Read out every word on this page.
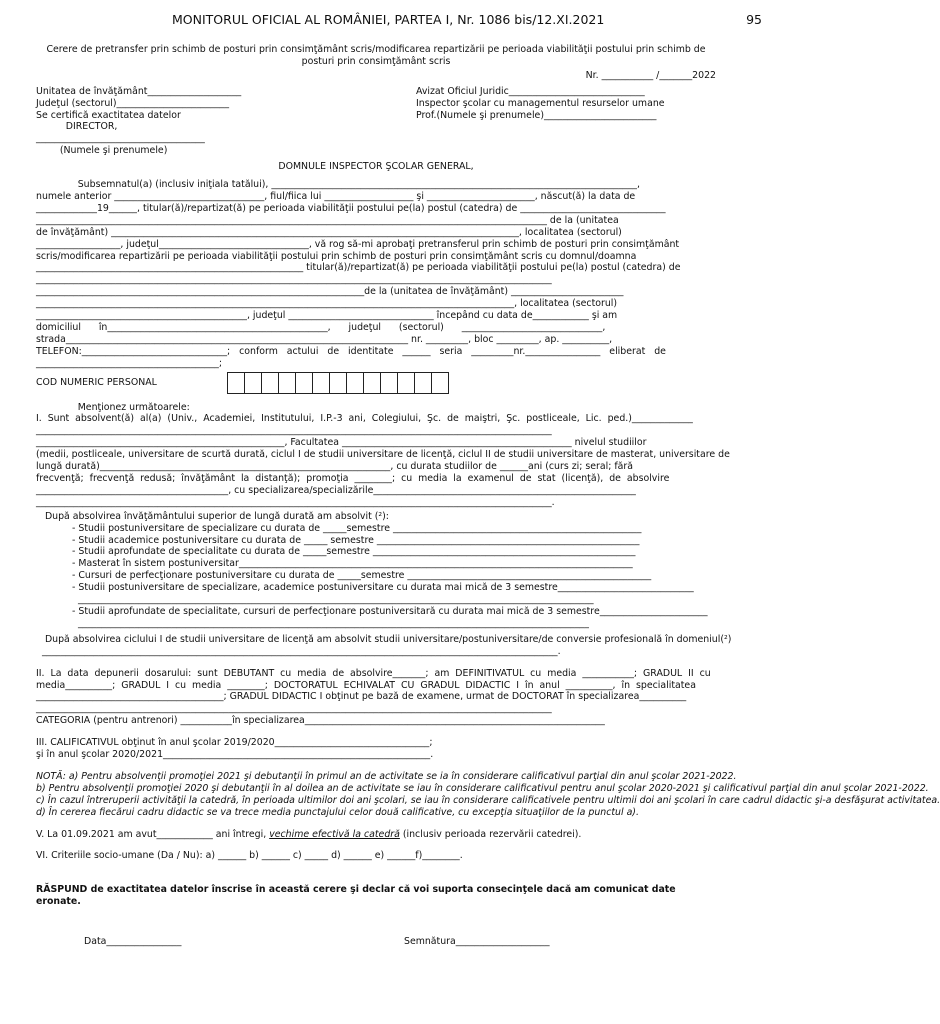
MONITORUL OFICIAL AL ROMÂNIEI, PARTEA I, Nr. 1086 bis/12.XI.2021	95
Cerere de pretransfer prin schimb de posturi prin consimţământ scris/modificarea repartizării pe perioada viabilităţii postului prin schimb de posturi prin consimţământ scris
Nr. ___________ /_______2022
Unitatea de învăţământ____________________
Judeţul (sectorul)________________________
Se certifică exactitatea datelor
DIRECTOR,
____________________________________
(Numele şi prenumele)
Avizat Oficiul Juridic_____________________________
Inspector şcolar cu managementul resurselor umane
Prof.(Numele şi prenumele)________________________
DOMNULE INSPECTOR ŞCOLAR GENERAL,
Subsemnatul(a) (inclusiv iniţiala tatălui), ______________________________________________________________________________,
numele anterior ________________________________, fiul/fiica lui ___________________ şi _______________________, născut(ă) la data de
_____________19______, titular(ă)/repartizat(ă) pe perioada viabilităţii postului pe(la) postul (catedra) de _______________________________
_____________________________________________________________________________________________________________ de la (unitatea
de învăţământ) _______________________________________________________________________________________, localitatea (sectorul)
__________________, judeţul________________________________, vă rog să-mi aprobaţi pretransferul prin schimb de posturi prin consimţământ
scris/modificarea repartizării pe perioada viabilităţii postului prin schimb de posturi prin consimţământ scris cu domnul/doamna
_________________________________________________________ titular(ă)/repartizat(ă) pe perioada viabilităţii postului pe(la) postul (catedra) de
______________________________________________________________________________________________________________
______________________________________________________________________de la (unitatea de învăţământ) ________________________
______________________________________________________________________________________________________, localitatea (sectorul)
_____________________________________________, judeţul _______________________________ începând cu data de____________ şi am
domiciliul      în_______________________________________________,      judeţul      (sectorul)      ______________________________,
strada_________________________________________________________________________ nr. _________, bloc _________, ap. __________,
TELEFON:_______________________________;   conform   actului   de   identitate   ______   seria   _________nr.________________   eliberat   de
_______________________________________;
COD NUMERIC PERSONAL
Menţionez următoarele:
I.  Sunt  absolvent(ă)  al(a)  (Univ.,  Academiei,  Institutului,  I.P.-3  ani,  Colegiului,  Şc.  de  maiştri,  Şc.  postliceale,  Lic.  ped.)_____________
______________________________________________________________________________________________________________
_____________________________________________________, Facultatea _________________________________________________ nivelul studiilor
(medii, postliceale, universitare de scurtă durată, ciclul I de studii universitare de licenţă, ciclul II de studii universitare de masterat, universitare de
lungă durată)______________________________________________________________, cu durata studiilor de ______ani (curs zi; seral; fără
frecvenţă;  frecvenţă  redusă;  învăţământ  la  distanţă);  promoţia  ________;  cu  media  la  examenul  de  stat  (licenţă),  de  absolvire
_________________________________________, cu specializarea/specializările________________________________________________________
______________________________________________________________________________________________________________.
După absolvirea învăţământului superior de lungă durată am absolvit (²):
- Studii postuniversitare de specializare cu durata de _____semestre _____________________________________________________
- Studii academice postuniversitare cu durata de _____ semestre ________________________________________________________
- Studii aprofundate de specialitate cu durata de _____semestre ________________________________________________________
- Masterat în sistem postuniversitar____________________________________________________________________________________
- Cursuri de perfecţionare postuniversitare cu durata de _____semestre ____________________________________________________
- Studii postuniversitare de specializare, academice postuniversitare cu durata mai mică de 3 semestre_____________________________
______________________________________________________________________________________________________________
- Studii aprofundate de specialitate, cursuri de perfecţionare postuniversitară cu durata mai mică de 3 semestre_______________________
_____________________________________________________________________________________________________________
După absolvirea ciclului I de studii universitare de licenţă am absolvit studii universitare/postuniversitare/de conversie profesională în domeniul(²)
______________________________________________________________________________________________________________.
II.  La  data  depunerii  dosarului:  sunt  DEBUTANT  cu  media  de  absolvire_______;  am  DEFINITIVATUL  cu  media  ___________;  GRADUL  II  cu
media__________;  GRADUL  I  cu  media  ________;  DOCTORATUL  ECHIVALAT  CU  GRADUL  DIDACTIC  I  în  anul  __________,  în  specialitatea
________________________________________; GRADUL DIDACTIC I obţinut pe bază de examene, urmat de DOCTORAT în specializarea__________
______________________________________________________________________________________________________________
CATEGORIA (pentru antrenori) ___________în specializarea________________________________________________________________
III. CALIFICATIVUL obţinut în anul şcolar 2019/2020_________________________________;
şi în anul şcolar 2020/2021_________________________________________________________.
NOTĂ: a) Pentru absolvenţii promoţiei 2021 şi debutanţii în primul an de activitate se ia în considerare calificativul parţial din anul şcolar 2021-2022.
b) Pentru absolvenţii promoţiei 2020 şi debutanţii în al doilea an de activitate se iau în considerare calificativul pentru anul şcolar 2020-2021 şi calificativul parţial din anul şcolar 2021-2022.
c) În cazul întreruperii activităţii la catedră, în perioada ultimilor doi ani şcolari, se iau în considerare calificativele pentru ultimii doi ani şcolari în care cadrul didactic şi-a desfăşurat activitatea.
d) În cererea fiecărui cadru didactic se va trece media punctajului celor două calificative, cu excepţia situaţiilor de la punctul a).
V. La 01.09.2021 am avut____________ ani întregi, vechime efectivă la catedră (inclusiv perioada rezervării catedrei).
VI. Criteriile socio-umane (Da / Nu): a) ______ b) ______ c) _____ d) ______ e) ______f)________.
RĂSPUND de exactitatea datelor înscrise în această cerere şi declar că voi suporta consecinţele dacă am comunicat date eronate.
Data________________	Semnătura____________________
